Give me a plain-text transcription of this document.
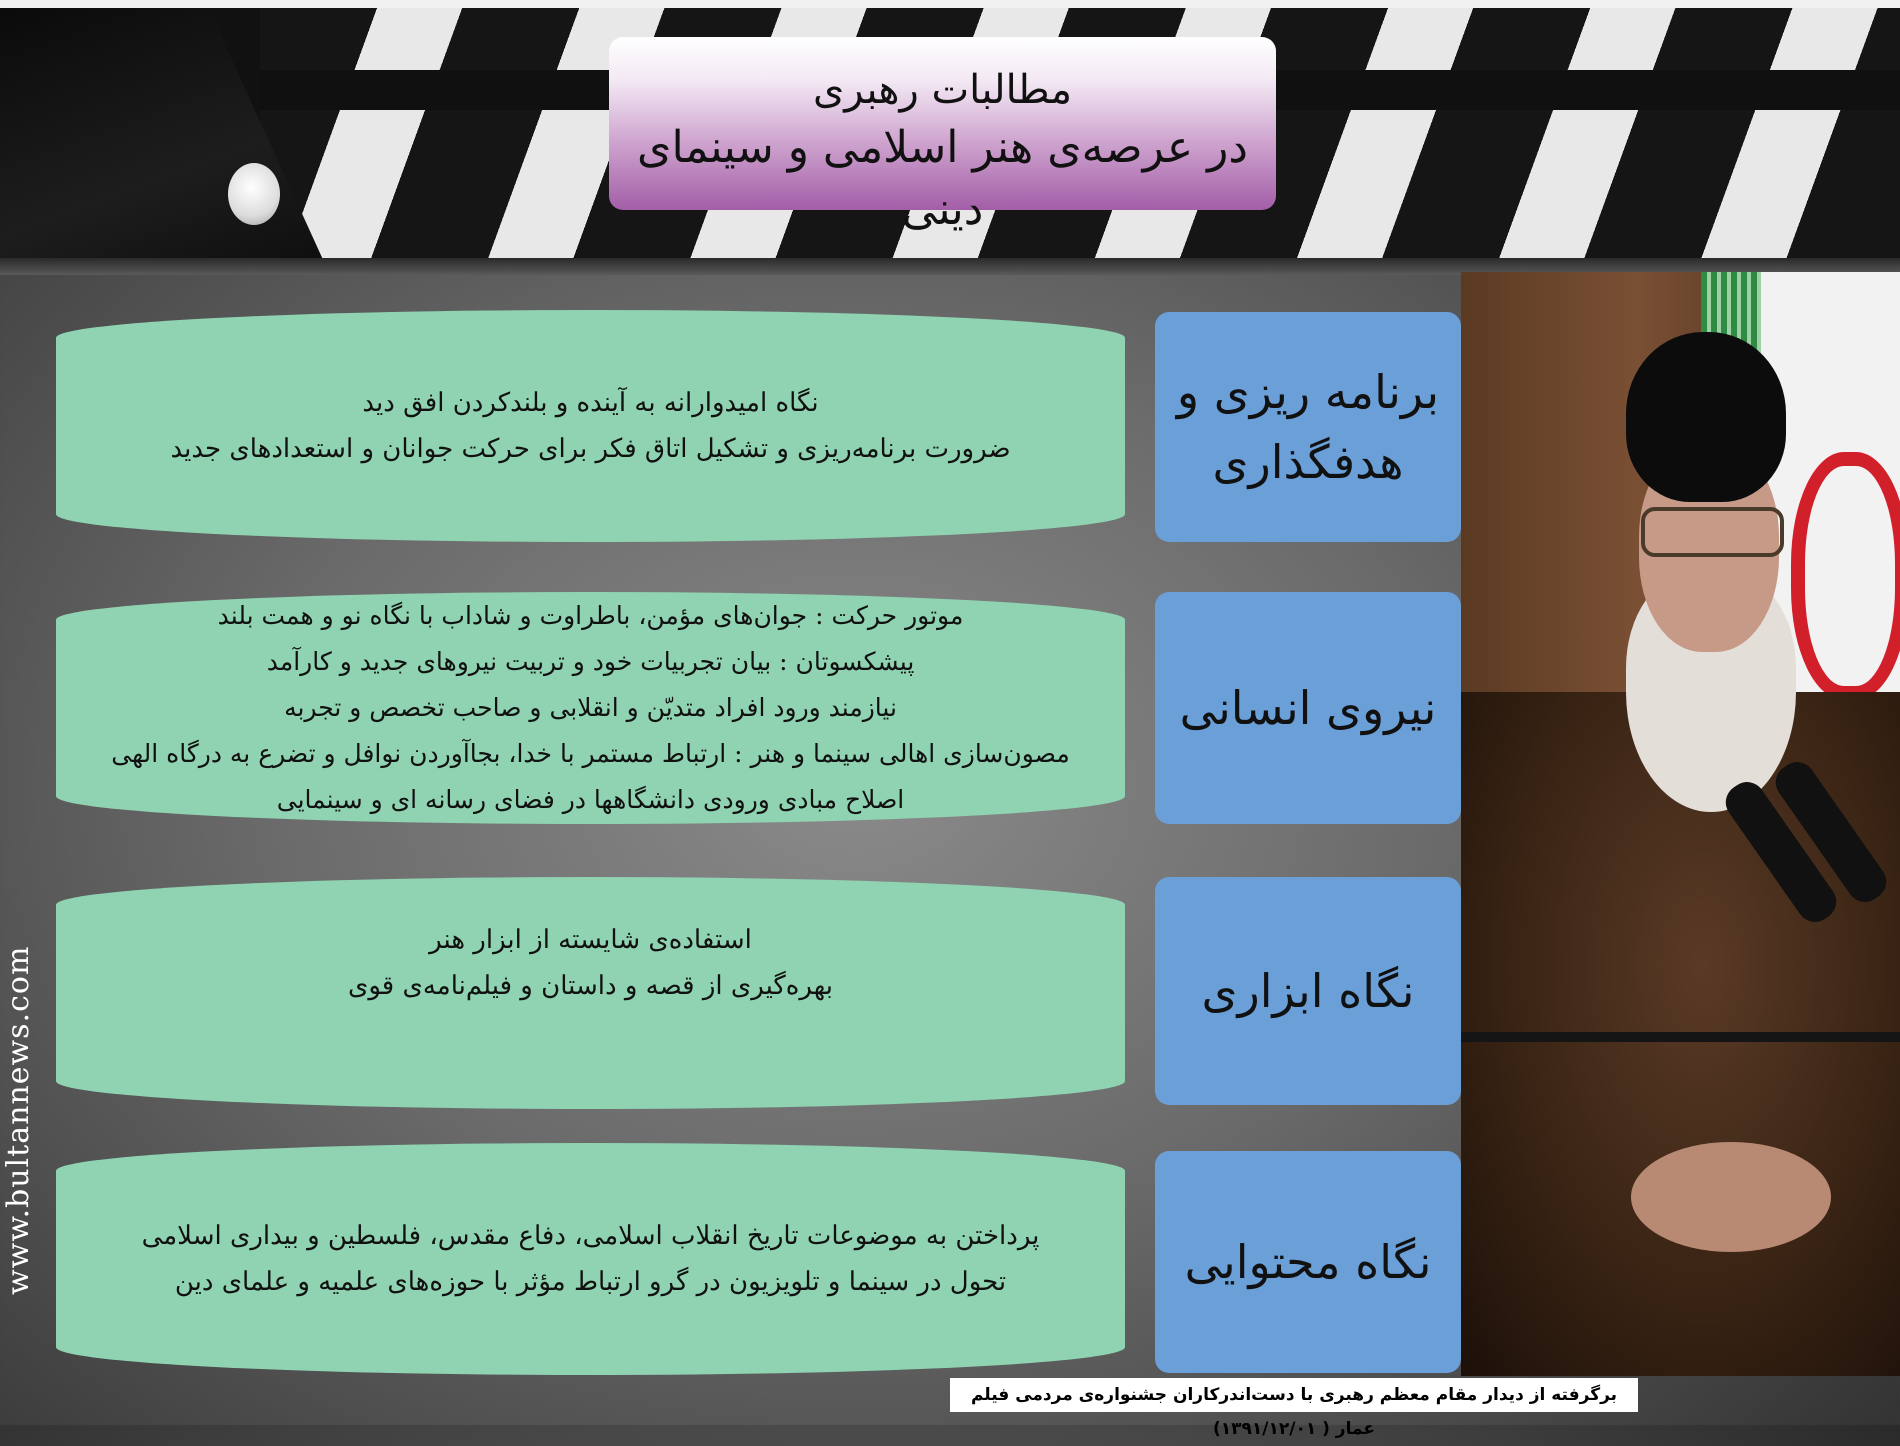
مطالبات رهبری
در عرصه‌ی هنر اسلامی و سینمای دینی
نگاه امیدوارانه به آینده و بلندکردن افق دید
ضرورت برنامه‌ریزی و تشکیل اتاق فکر برای حرکت جوانان و استعدادهای جدید
برنامه ریزی و هدفگذاری
موتور حرکت : جوان‌های مؤمن، باطراوت و شاداب با نگاه نو و همت بلند
پیشکسوتان : بیان تجربیات خود و تربیت نیروهای جدید و کارآمد
نیازمند ورود افراد متدیّن و انقلابی و صاحب تخصص و تجربه
مصون‌سازی اهالی سینما و هنر : ارتباط مستمر با خدا، بجاآوردن نوافل و تضرع به درگاه الهی
اصلاح مبادی ورودی دانشگاهها در فضای رسانه ای و سینمایی
نیروی انسانی
استفاده‌ی شایسته از ابزار هنر
بهره‌گیری از قصه و داستان و فیلم‌نامه‌ی قوی	نگاه ابزاری
پرداختن به موضوعات تاریخ انقلاب اسلامی، دفاع مقدس، فلسطین و بیداری اسلامی
تحول در سینما و تلویزیون در گرو ارتباط مؤثر با حوزه‌های علمیه و علمای دین	نگاه محتوایی
www.bultannews.com
برگرفته از دیدار مقام معظم رهبری با دست‌اندرکاران جشنواره‌ی مردمی فیلم عمار ( ۱۳۹۱/۱۲/۰۱)
